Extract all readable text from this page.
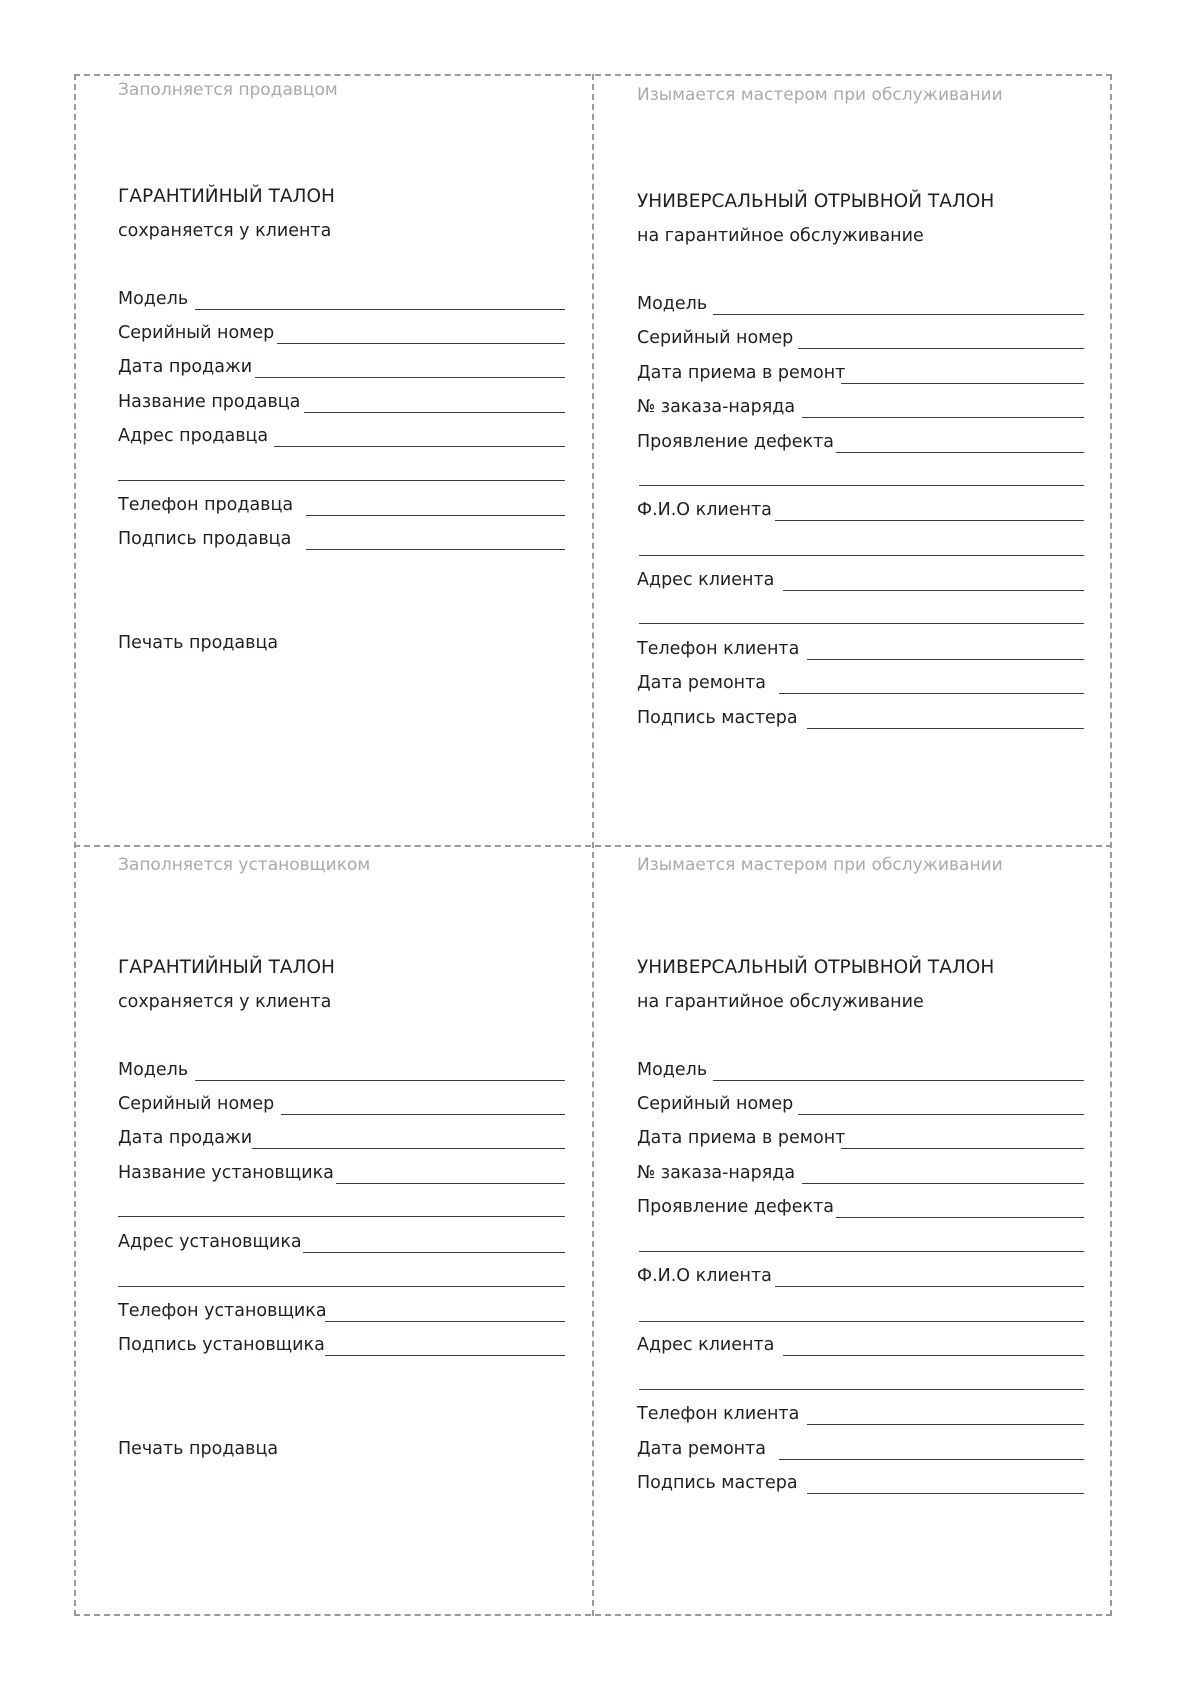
Заполняется продавцом
ГАРАНТИЙНЫЙ ТАЛОН
сохраняется у клиента
Модель
Серийный номер
Дата продажи
Название продавца
Адрес продавца
Телефон продавца
Подпись продавца
Печать продавца
Изымается мастером при обслуживании
УНИВЕРСАЛЬНЫЙ ОТРЫВНОЙ ТАЛОН
на гарантийное обслуживание
Модель
Серийный номер
Дата приема в ремонт
№ заказа-наряда
Проявление дефекта
Ф.И.О клиента
Адрес клиента
Телефон клиента
Дата ремонта
Подпись мастера
Заполняется установщиком
ГАРАНТИЙНЫЙ ТАЛОН
сохраняется у клиента
Модель
Серийный номер
Дата продажи
Название установщика
Адрес установщика
Телефон установщика
Подпись установщика
Печать продавца
Изымается мастером при обслуживании
УНИВЕРСАЛЬНЫЙ ОТРЫВНОЙ ТАЛОН
на гарантийное обслуживание
Модель
Серийный номер
Дата приема в ремонт
№ заказа-наряда
Проявление дефекта
Ф.И.О клиента
Адрес клиента
Телефон клиента
Дата ремонта
Подпись мастера
